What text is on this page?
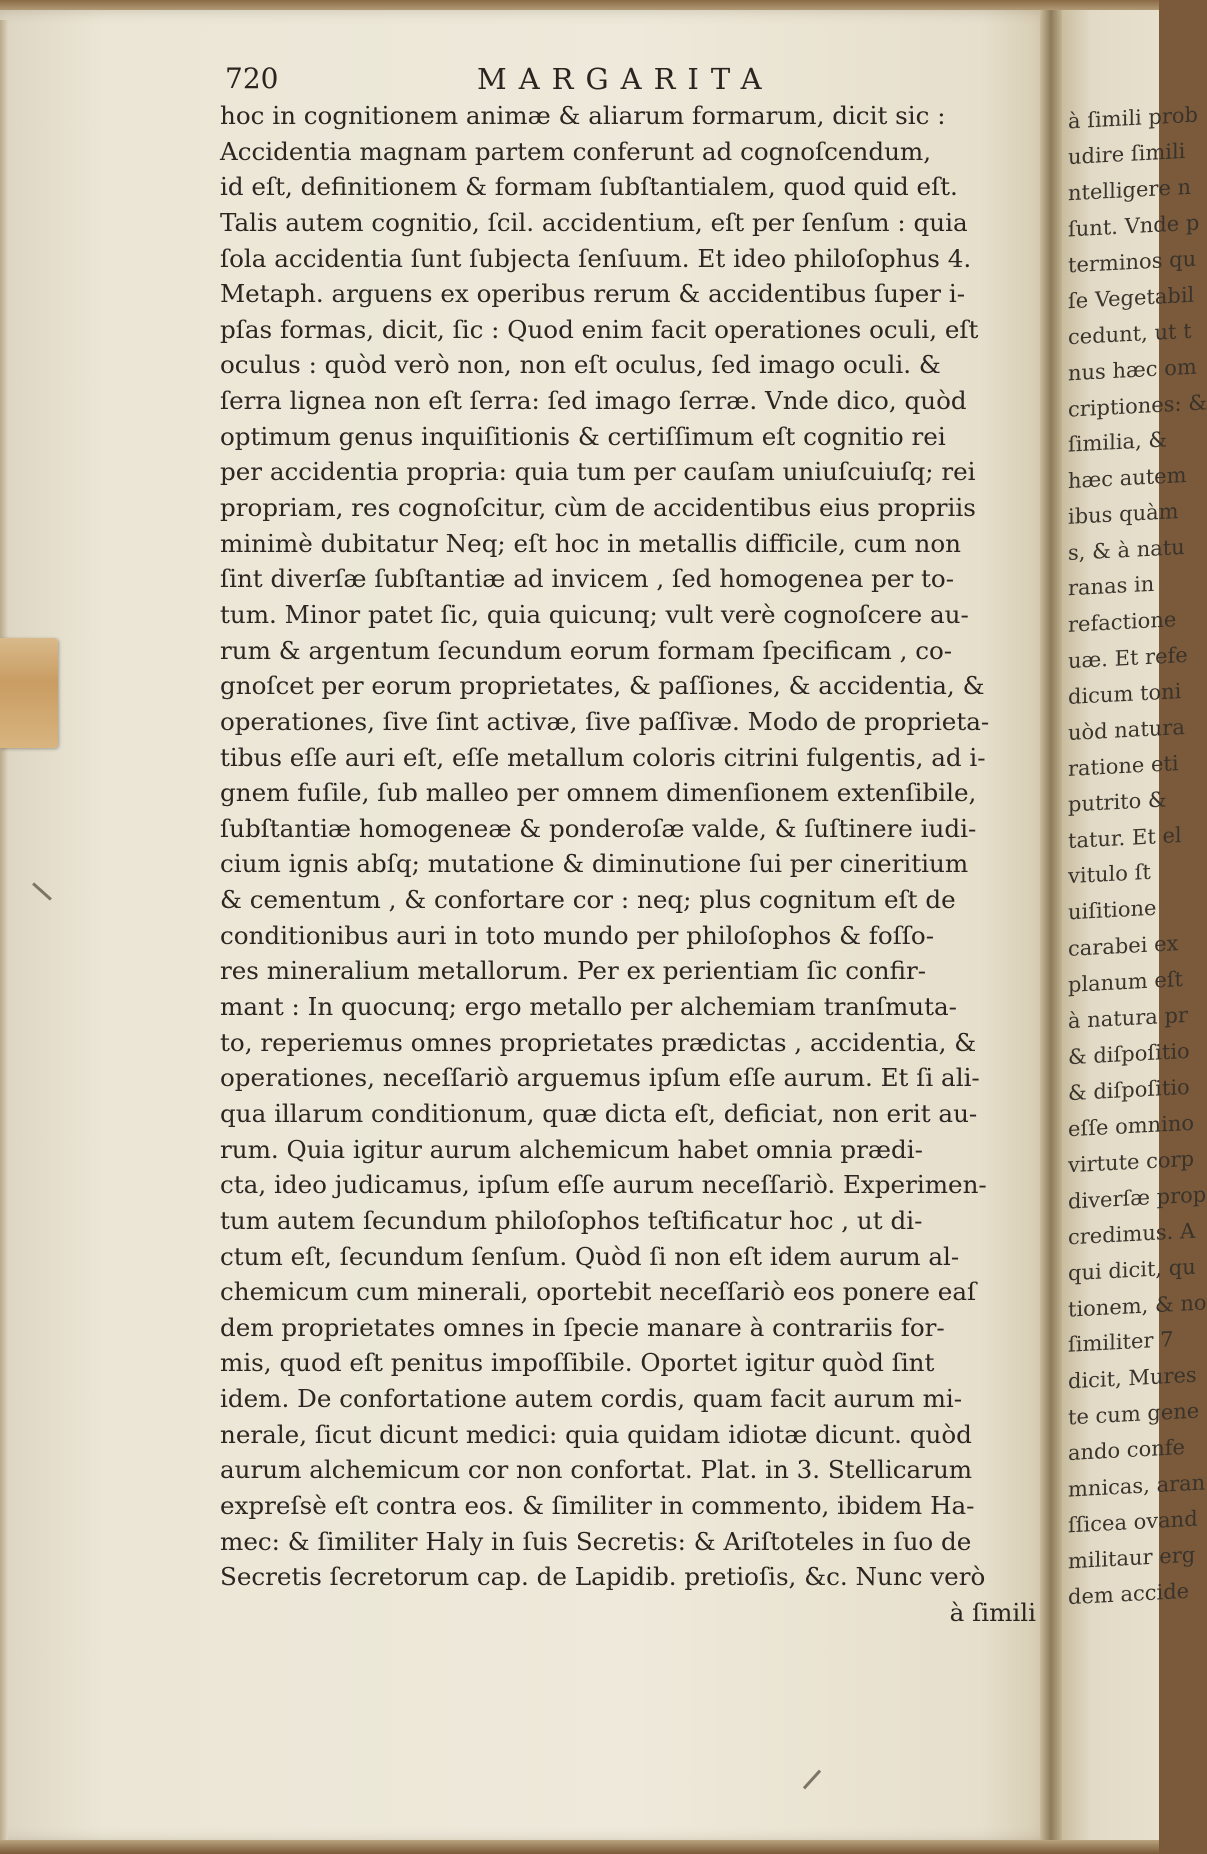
720	MARGARITA
hoc in cognitionem animæ & aliarum formarum, dicit sic :
Accidentia magnam partem conferunt ad cognoſcendum,
id eſt, definitionem & formam ſubſtantialem, quod quid eſt.
Talis autem cognitio, ſcil. accidentium, eſt per ſenſum : quia
ſola accidentia ſunt ſubjecta ſenſuum. Et ideo philoſophus 4.
Metaph. arguens ex operibus rerum & accidentibus ſuper i-
pſas formas, dicit, ſic : Quod enim facit operationes oculi, eſt
oculus : quòd verò non, non eſt oculus, ſed imago oculi. &
ſerra lignea non eſt ſerra: ſed imago ſerræ. Vnde dico, quòd
optimum genus inquiſitionis & certiſſimum eſt cognitio rei
per accidentia propria: quia tum per cauſam uniuſcuiuſq; rei
propriam, res cognoſcitur, cùm de accidentibus eius propriis
minimè dubitatur Neq; eſt hoc in metallis difficile, cum non
ſint diverſæ ſubſtantiæ ad invicem , ſed homogenea per to-
tum. Minor patet ſic, quia quicunq; vult verè cognoſcere au-
rum & argentum ſecundum eorum formam ſpecificam , co-
gnoſcet per eorum proprietates, & paſſiones, & accidentia, &
operationes, ſive ſint activæ, ſive paſſivæ. Modo de proprieta-
tibus eſſe auri eſt, eſſe metallum coloris citrini fulgentis, ad i-
gnem fuſile, ſub malleo per omnem dimenſionem extenſibile,
ſubſtantiæ homogeneæ & ponderoſæ valde, & ſuſtinere iudi-
cium ignis abſq; mutatione & diminutione ſui per cineritium
& cementum , & confortare cor : neq; plus cognitum eſt de
conditionibus auri in toto mundo per philoſophos & foſſo-
res mineralium metallorum. Per ex perientiam ſic confir-
mant : In quocunq; ergo metallo per alchemiam tranſmuta-
to, reperiemus omnes proprietates prædictas , accidentia, &
operationes, neceſſariò arguemus ipſum eſſe aurum. Et ſi ali-
qua illarum conditionum, quæ dicta eſt, deficiat, non erit au-
rum. Quia igitur aurum alchemicum habet omnia prædi-
cta, ideo judicamus, ipſum eſſe aurum neceſſariò. Experimen-
tum autem ſecundum philoſophos teſtificatur hoc , ut di-
ctum eſt, ſecundum ſenſum. Quòd ſi non eſt idem aurum al-
chemicum cum minerali, oportebit neceſſariò eos ponere eaſ
dem proprietates omnes in ſpecie manare à contrariis for-
mis, quod eſt penitus impoſſibile. Oportet igitur quòd ſint
idem. De confortatione autem cordis, quam facit aurum mi-
nerale, ſicut dicunt medici: quia quidam idiotæ dicunt. quòd
aurum alchemicum cor non confortat. Plat. in 3. Stellicarum
expreſsè eſt contra eos. & ſimiliter in commento, ibidem Ha-
mec: & ſimiliter Haly in ſuis Secretis: & Ariſtoteles in ſuo de
Secretis ſecretorum cap. de Lapidib. pretioſis, &c. Nunc verò
à ſimili
à ſimili prob
udire ſimili
ntelligere n
ſunt. Vnde p
terminos qu
ſe Vegetabil
cedunt, ut t
nus hæc om
criptiones: &
ſimilia, &
hæc autem
ibus quàm
s, & à natu
ranas in
refactione
uæ. Et refe
dicum toni
uòd natura
ratione eti
putrito &
tatur. Et el
vitulo ſt
uiſitione
carabei ex
planum eſt
à natura pr
& diſpoſitio
& diſpoſitio
eſſe omnino
virtute corp
diverſæ prop
credimus. A
qui dicit, qu
tionem, & no
ſimiliter 7
dicit, Mures
te cum gene
ando confe
mnicas, aran
ſſicea ovand
militaur erg
dem accide
